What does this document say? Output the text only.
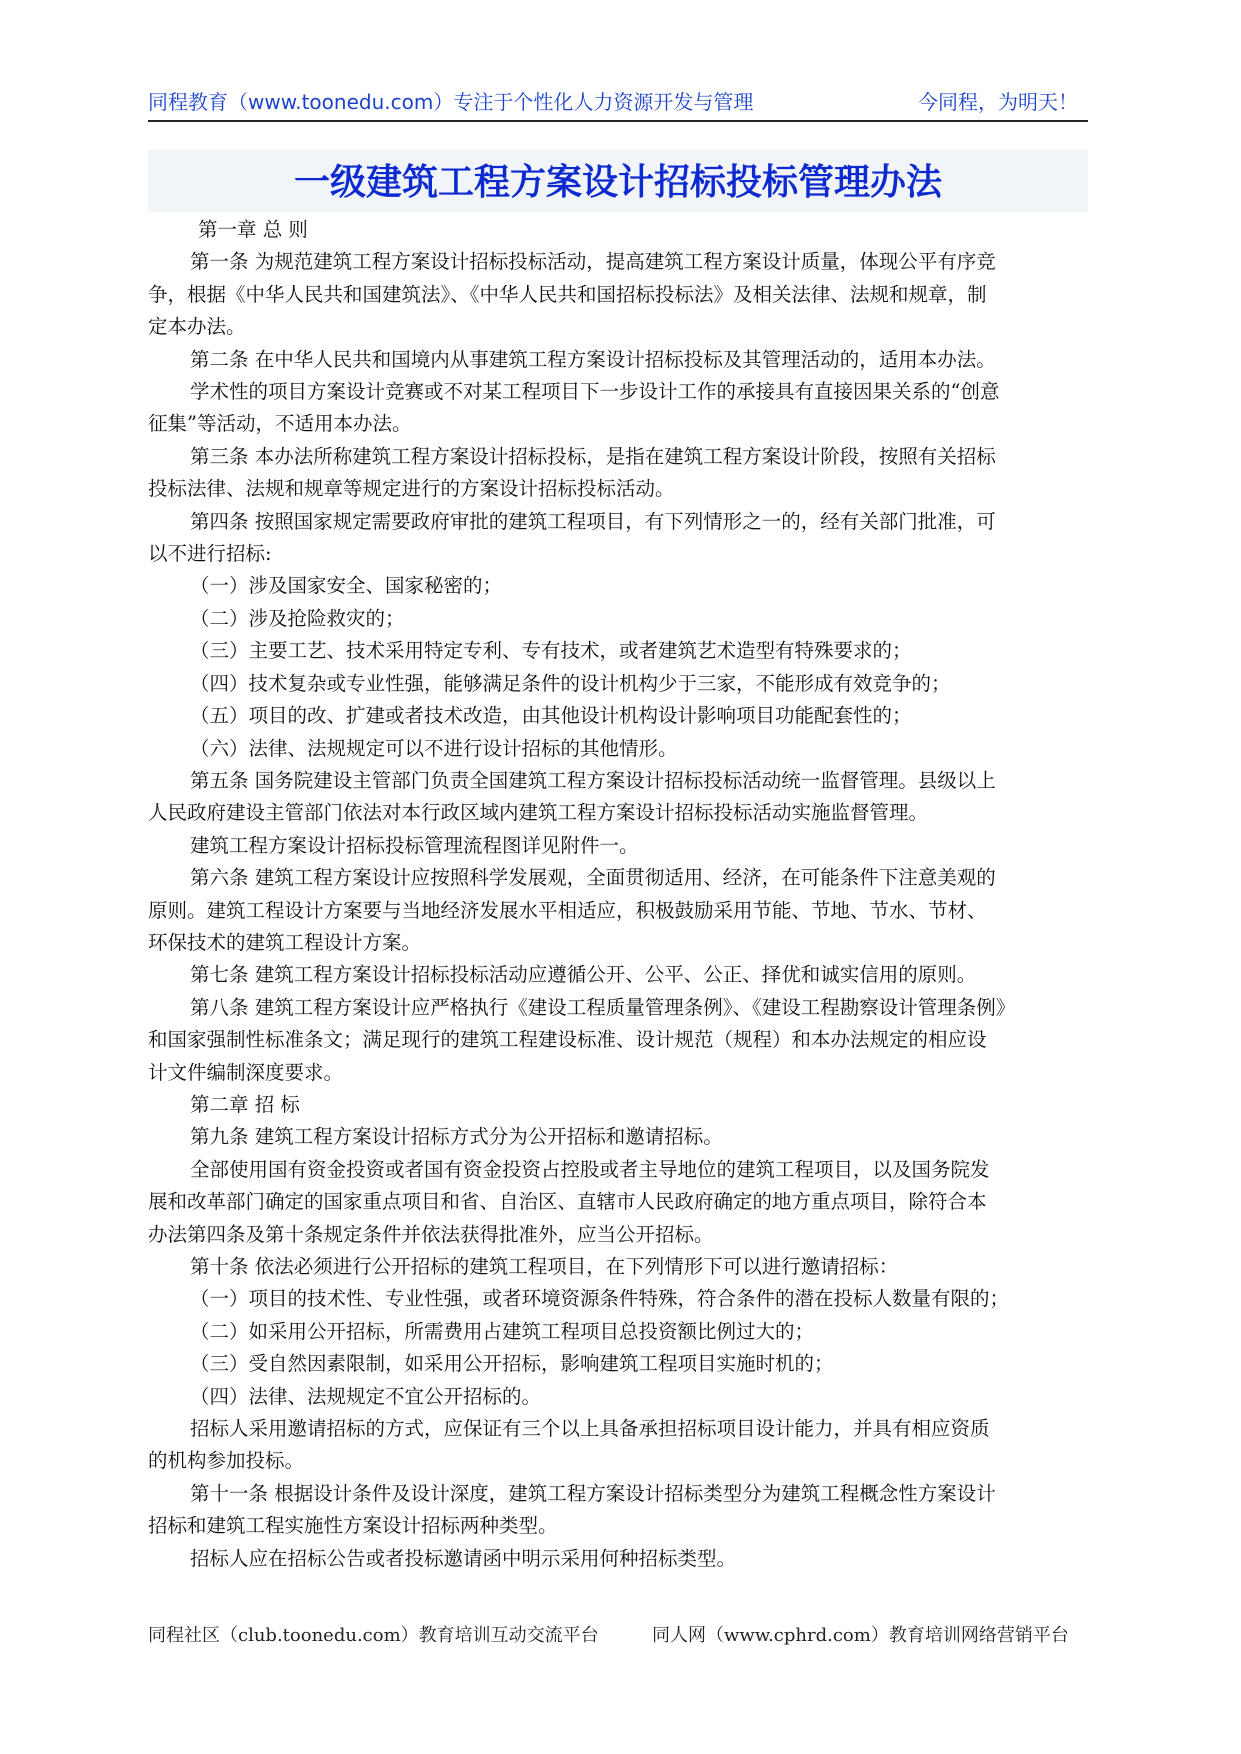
同程教育（www.toonedu.com）专注于个性化人力资源开发与管理	今同程，为明天！
一级建筑工程方案设计招标投标管理办法

第一章 总 则

第一条 为规范建筑工程方案设计招标投标活动，提高建筑工程方案设计质量，体现公平有序竞

争，根据《中华人民共和国建筑法》、《中华人民共和国招标投标法》及相关法律、法规和规章，制

定本办法。

第二条 在中华人民共和国境内从事建筑工程方案设计招标投标及其管理活动的，适用本办法。

学术性的项目方案设计竞赛或不对某工程项目下一步设计工作的承接具有直接因果关系的“创意

征集”等活动，不适用本办法。

第三条 本办法所称建筑工程方案设计招标投标，是指在建筑工程方案设计阶段，按照有关招标

投标法律、法规和规章等规定进行的方案设计招标投标活动。

第四条 按照国家规定需要政府审批的建筑工程项目，有下列情形之一的，经有关部门批准，可

以不进行招标:

（一）涉及国家安全、国家秘密的；

（二）涉及抢险救灾的；

（三）主要工艺、技术采用特定专利、专有技术，或者建筑艺术造型有特殊要求的；

（四）技术复杂或专业性强，能够满足条件的设计机构少于三家，不能形成有效竞争的；

（五）项目的改、扩建或者技术改造，由其他设计机构设计影响项目功能配套性的；

（六）法律、法规规定可以不进行设计招标的其他情形。

第五条 国务院建设主管部门负责全国建筑工程方案设计招标投标活动统一监督管理。县级以上

人民政府建设主管部门依法对本行政区域内建筑工程方案设计招标投标活动实施监督管理。

建筑工程方案设计招标投标管理流程图详见附件一。

第六条 建筑工程方案设计应按照科学发展观，全面贯彻适用、经济，在可能条件下注意美观的

原则。建筑工程设计方案要与当地经济发展水平相适应，积极鼓励采用节能、节地、节水、节材、

环保技术的建筑工程设计方案。

第七条 建筑工程方案设计招标投标活动应遵循公开、公平、公正、择优和诚实信用的原则。

第八条 建筑工程方案设计应严格执行《建设工程质量管理条例》、《建设工程勘察设计管理条例》

和国家强制性标准条文；满足现行的建筑工程建设标准、设计规范（规程）和本办法规定的相应设

计文件编制深度要求。

第二章 招 标

第九条 建筑工程方案设计招标方式分为公开招标和邀请招标。

全部使用国有资金投资或者国有资金投资占控股或者主导地位的建筑工程项目，以及国务院发

展和改革部门确定的国家重点项目和省、自治区、直辖市人民政府确定的地方重点项目，除符合本

办法第四条及第十条规定条件并依法获得批准外，应当公开招标。

第十条 依法必须进行公开招标的建筑工程项目，在下列情形下可以进行邀请招标：

（一）项目的技术性、专业性强，或者环境资源条件特殊，符合条件的潜在投标人数量有限的；

（二）如采用公开招标，所需费用占建筑工程项目总投资额比例过大的；

（三）受自然因素限制，如采用公开招标，影响建筑工程项目实施时机的；

（四）法律、法规规定不宜公开招标的。

招标人采用邀请招标的方式，应保证有三个以上具备承担招标项目设计能力，并具有相应资质

的机构参加投标。

第十一条 根据设计条件及设计深度，建筑工程方案设计招标类型分为建筑工程概念性方案设计

招标和建筑工程实施性方案设计招标两种类型。

招标人应在招标公告或者投标邀请函中明示采用何种招标类型。

同程社区（club.toonedu.com）教育培训互动交流平台	同人网（www.cphrd.com）教育培训网络营销平台
